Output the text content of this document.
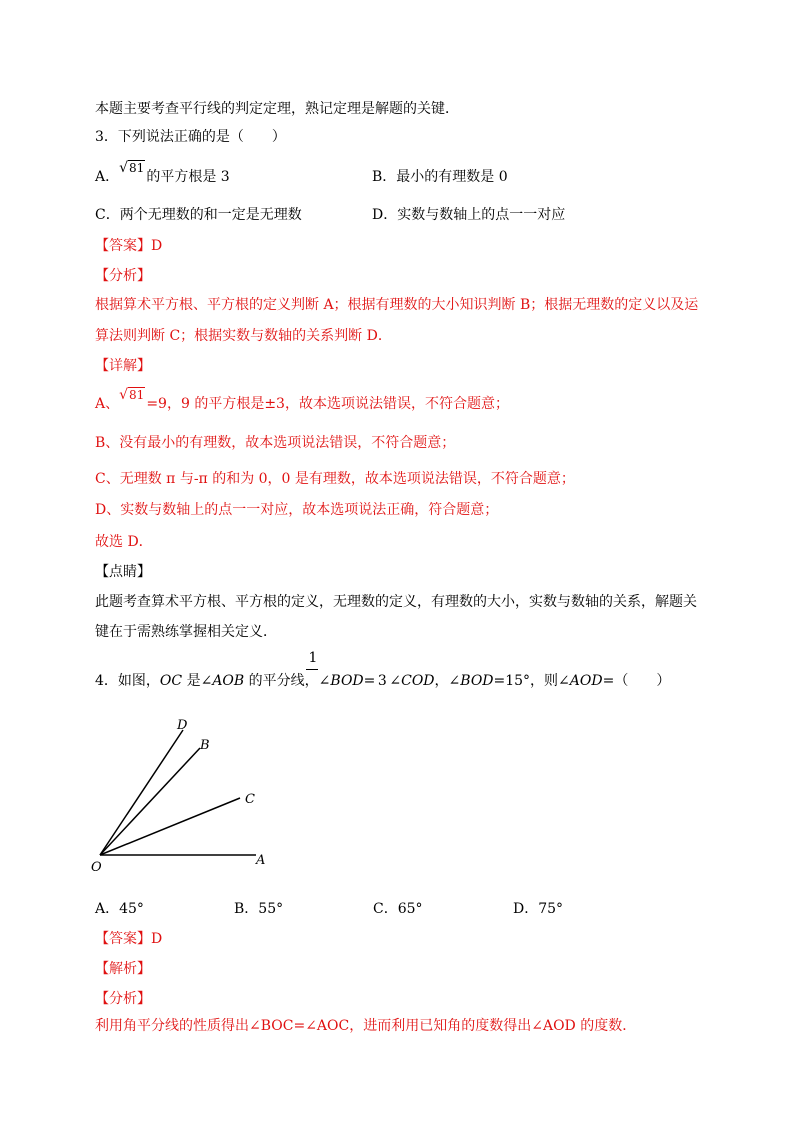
本题主要考查平行线的判定定理，熟记定理是解题的关键．
3．下列说法正确的是（　　）
A．√81的平方根是 3	B．最小的有理数是 0
C．两个无理数的和一定是无理数	D．实数与数轴上的点一一对应
【答案】D
【分析】
根据算术平方根、平方根的定义判断 A；根据有理数的大小知识判断 B；根据无理数的定义以及运
算法则判断 C；根据实数与数轴的关系判断 D．
【详解】
A、√81=9，9 的平方根是±3，故本选项说法错误，不符合题意；
B、没有最小的有理数，故本选项说法错误，不符合题意；
C、无理数 π 与-π 的和为 0，0 是有理数，故本选项说法错误，不符合题意；
D、实数与数轴上的点一一对应，故本选项说法正确，符合题意；
故选 D．
【点睛】
此题考查算术平方根、平方根的定义，无理数的定义，有理数的大小，实数与数轴的关系，解题关
键在于需熟练掌握相关定义．
1
4．如图，OC 是∠AOB 的平分线，∠BOD= 3 ∠COD，∠BOD=15°，则∠AOD=（　　）
D
B
C
O	A
A．45°	B．55°	C．65°	D．75°
【答案】D
【解析】
【分析】
利用角平分线的性质得出∠BOC=∠AOC，进而利用已知角的度数得出∠AOD 的度数．
